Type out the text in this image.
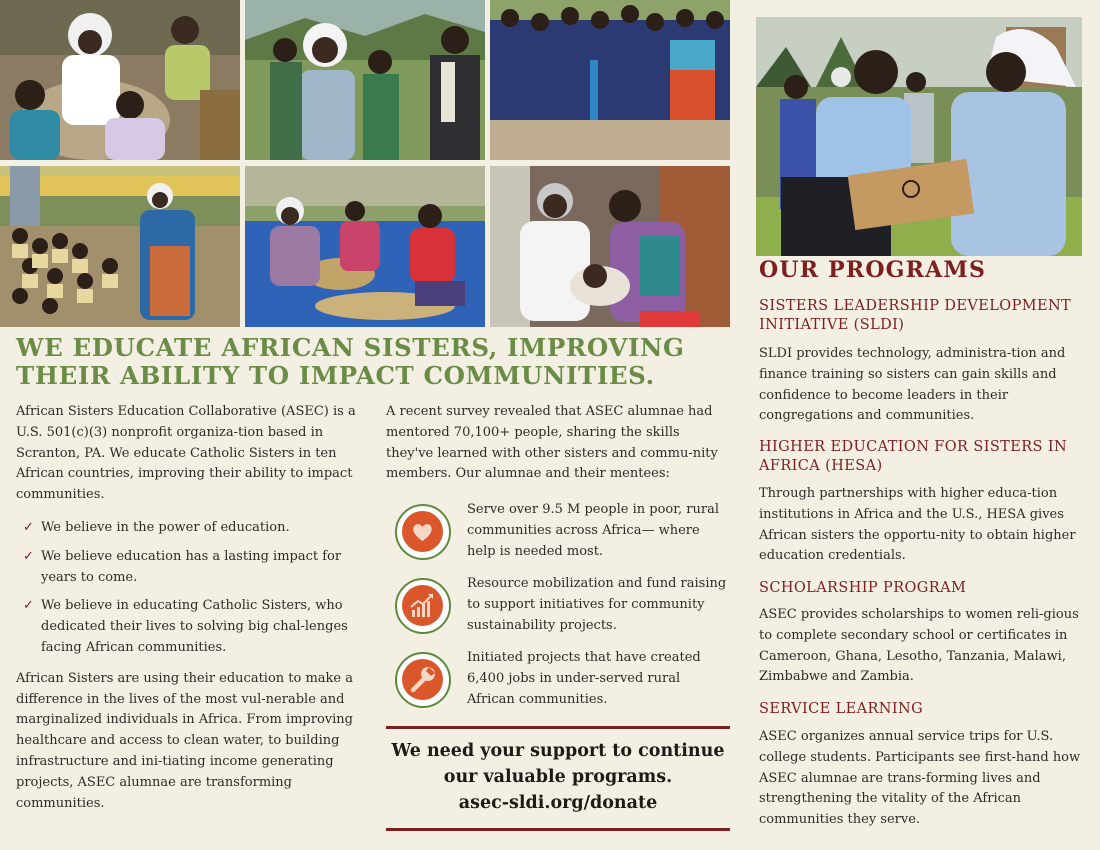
WE EDUCATE AFRICAN SISTERS, IMPROVING
THEIR ABILITY TO IMPACT COMMUNITIES.

African Sisters Education Collaborative (ASEC) is a U.S. 501(c)(3) nonprofit organiza-tion based in Scranton, PA. We educate Catholic Sisters in ten African countries, improving their ability to impact communities.

✓ We believe in the power of education.
✓ We believe education has a lasting impact for years to come.
✓ We believe in educating Catholic Sisters, who dedicated their lives to solving big chal-lenges facing African communities.

African Sisters are using their education to make a difference in the lives of the most vul-nerable and marginalized individuals in Africa. From improving healthcare and access to clean water, to building infrastructure and ini-tiating income generating projects, ASEC alumnae are transforming communities.

A recent survey revealed that ASEC alumnae had mentored 70,100+ people, sharing the skills they've learned with other sisters and commu-nity members. Our alumnae and their mentees:

Serve over 9.5 M people in poor, rural communities across Africa— where help is needed most.
Resource mobilization and fund raising to support initiatives for community sustainability projects.
Initiated projects that have created 6,400 jobs in under-served rural African communities.
We need your support to continue
our valuable programs.
asec-sldi.org/donate
OUR PROGRAMS
SISTERS LEADERSHIP DEVELOPMENT INITIATIVE (SLDI)

SLDI provides technology, administra-tion and finance training so sisters can gain skills and confidence to become leaders in their congregations and communities.

HIGHER EDUCATION FOR SISTERS IN AFRICA (HESA)

Through partnerships with higher educa-tion institutions in Africa and the U.S., HESA gives African sisters the opportu-nity to obtain higher education credentials.

SCHOLARSHIP PROGRAM

ASEC provides scholarships to women reli-gious to complete secondary school or certificates in Cameroon, Ghana, Lesotho, Tanzania, Malawi, Zimbabwe and Zambia.

SERVICE LEARNING

ASEC organizes annual service trips for U.S. college students. Participants see first-hand how ASEC alumnae are trans-forming lives and strengthening the vitality of the African communities they serve.
